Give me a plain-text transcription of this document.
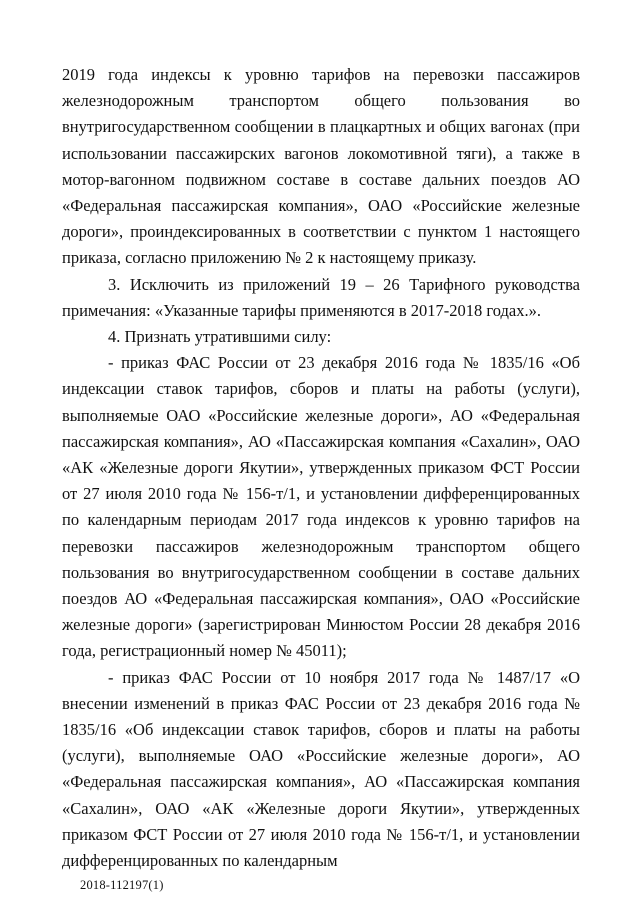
2019 года индексы к уровню тарифов на перевозки пассажиров железнодорожным транспортом общего пользования во внутригосударственном сообщении в плацкартных и общих вагонах (при использовании пассажирских вагонов локомотивной тяги), а также в мотор-вагонном подвижном составе в составе дальних поездов АО «Федеральная пассажирская компания», ОАО «Российские железные дороги», проиндексированных в соответствии с пунктом 1 настоящего приказа, согласно приложению № 2 к настоящему приказу.

3. Исключить из приложений 19 – 26 Тарифного руководства примечания: «Указанные тарифы применяются в 2017-2018 годах.».

4. Признать утратившими силу:

- приказ ФАС России от 23 декабря 2016 года № 1835/16 «Об индексации ставок тарифов, сборов и платы на работы (услуги), выполняемые ОАО «Российские железные дороги», АО «Федеральная пассажирская компания», АО «Пассажирская компания «Сахалин», ОАО «АК «Железные дороги Якутии», утвержденных приказом ФСТ России от 27 июля 2010 года № 156-т/1, и установлении дифференцированных по календарным периодам 2017 года индексов к уровню тарифов на перевозки пассажиров железнодорожным транспортом общего пользования во внутригосударственном сообщении в составе дальних поездов АО «Федеральная пассажирская компания», ОАО «Российские железные дороги» (зарегистрирован Минюстом России 28 декабря 2016 года, регистрационный номер № 45011);

- приказ ФАС России от 10 ноября 2017 года № 1487/17 «О внесении изменений в приказ ФАС России от 23 декабря 2016 года № 1835/16 «Об индексации ставок тарифов, сборов и платы на работы (услуги), выполняемые ОАО «Российские железные дороги», АО «Федеральная пассажирская компания», АО «Пассажирская компания «Сахалин», ОАО «АК «Железные дороги Якутии», утвержденных приказом ФСТ России от 27 июля 2010 года № 156-т/1, и установлении дифференцированных по календарным

2018-112197(1)
